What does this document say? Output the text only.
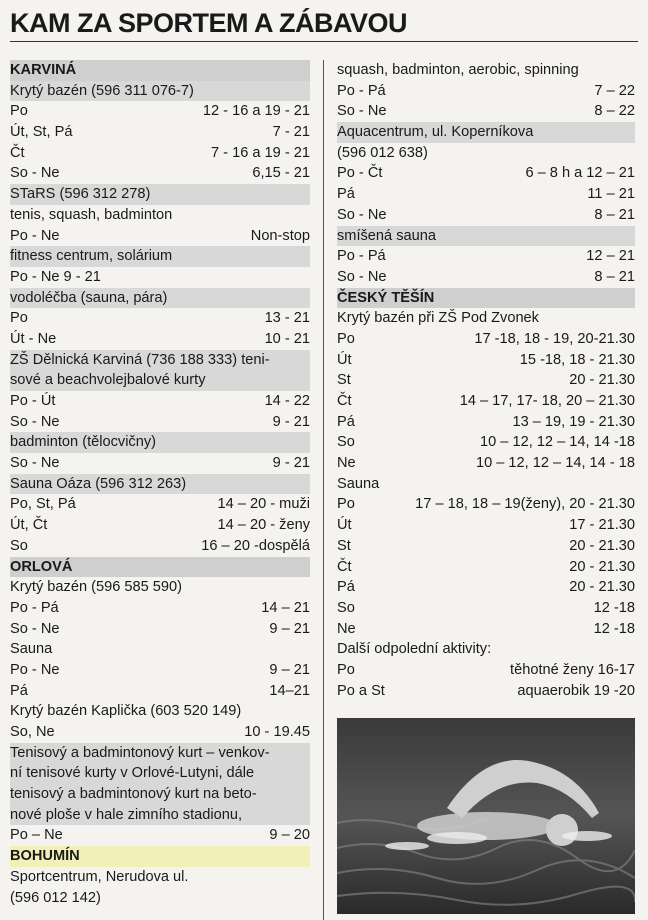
KAM ZA SPORTEM A ZÁBAVOU
KARVINÁ
Krytý bazén (596 311 076-7)
Po	12 - 16 a 19 - 21
Út, St, Pá	7 - 21
Čt	7 - 16 a 19 - 21
So - Ne	6,15 - 21
STaRS (596 312 278)
tenis, squash, badminton
Po - Ne	Non-stop
fitness centrum, solárium
Po - Ne 9 - 21
vodoléčba (sauna, pára)
Po	13 - 21
Út - Ne	10 - 21
ZŠ Dělnická Karviná (736 188 333) teni-
sové a beachvolejbalové kurty
Po - Út	14 - 22
So - Ne	9 - 21
badminton (tělocvičny)
So - Ne	9 - 21
Sauna Oáza (596 312 263)
Po, St, Pá	14 – 20 - muži
Út, Čt	14 – 20 - ženy
So	16 – 20 -dospělá
ORLOVÁ
Krytý bazén (596 585 590)
Po - Pá	14 – 21
So - Ne	9 – 21
Sauna
Po - Ne	9 – 21
Pá	14–21
Krytý bazén Kaplička (603 520 149)
So, Ne	10 - 19.45
Tenisový a badmintonový kurt – venkov-
ní tenisové kurty v Orlové-Lutyni, dále
tenisový a badmintonový kurt na beto-
nové ploše v hale zimního stadionu,
Po – Ne	9 – 20
BOHUMÍN
Sportcentrum, Nerudova ul.
(596 012 142)
squash, badminton, aerobic, spinning
Po - Pá	7 – 22
So - Ne	8 – 22
Aquacentrum, ul. Koperníkova
(596 012 638)
Po - Čt	6 – 8 h a 12 – 21
Pá	11 – 21
So - Ne	8 – 21
smíšená sauna
Po - Pá	12 – 21
So - Ne	8 – 21
ČESKÝ TĚŠÍN
Krytý bazén při ZŠ Pod Zvonek
Po	17 -18, 18 - 19, 20-21.30
Út	15 -18, 18 - 21.30
St	20 - 21.30
Čt	14 – 17, 17- 18, 20 – 21.30
Pá	13 – 19, 19 - 21.30
So	10 – 12, 12 – 14, 14 -18
Ne	10 – 12, 12 – 14, 14 - 18
Sauna
Po	17 – 18, 18 – 19(ženy), 20 - 21.30
Út	17 - 21.30
St	20 - 21.30
Čt	20 - 21.30
Pá	20 - 21.30
So	12 -18
Ne	12 -18
Další odpolední aktivity:
Po	těhotné ženy 16-17
Po a St	aquaerobik 19 -20
